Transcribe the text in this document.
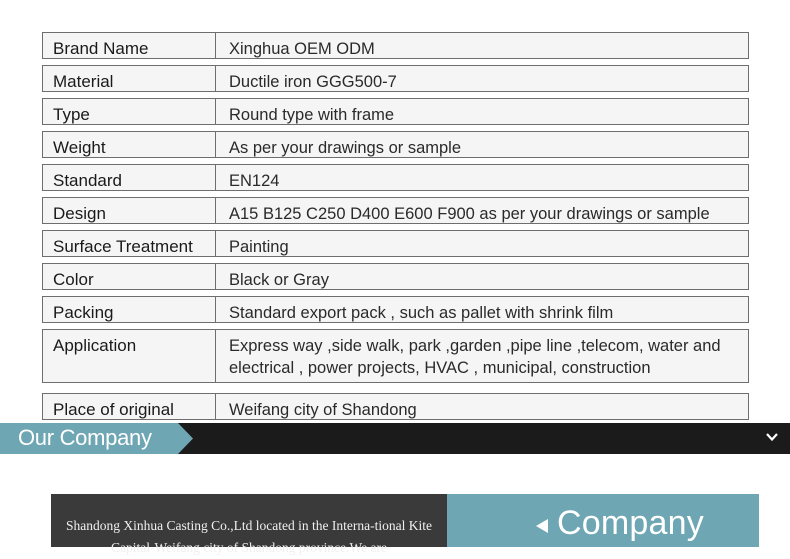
Brand Name	Xinghua OEM ODM
Material	Ductile iron GGG500-7
Type	Round type with frame
Weight	As per your drawings or sample
Standard	EN124
Design	A15 B125 C250 D400 E600 F900 as per your drawings or sample
Surface Treatment	Painting
Color	Black or Gray
Packing	Standard export pack , such as pallet with shrink film
Application	Express way ,side walk, park ,garden ,pipe line ,telecom, water and electrical , power projects, HVAC , municipal, construction
Place of original	Weifang city of Shandong
Our Company
Shandong Xinhua Casting Co.,Ltd located in the Interna-tional Kite Capital-Weifang city of Shandong province.We are
Company
